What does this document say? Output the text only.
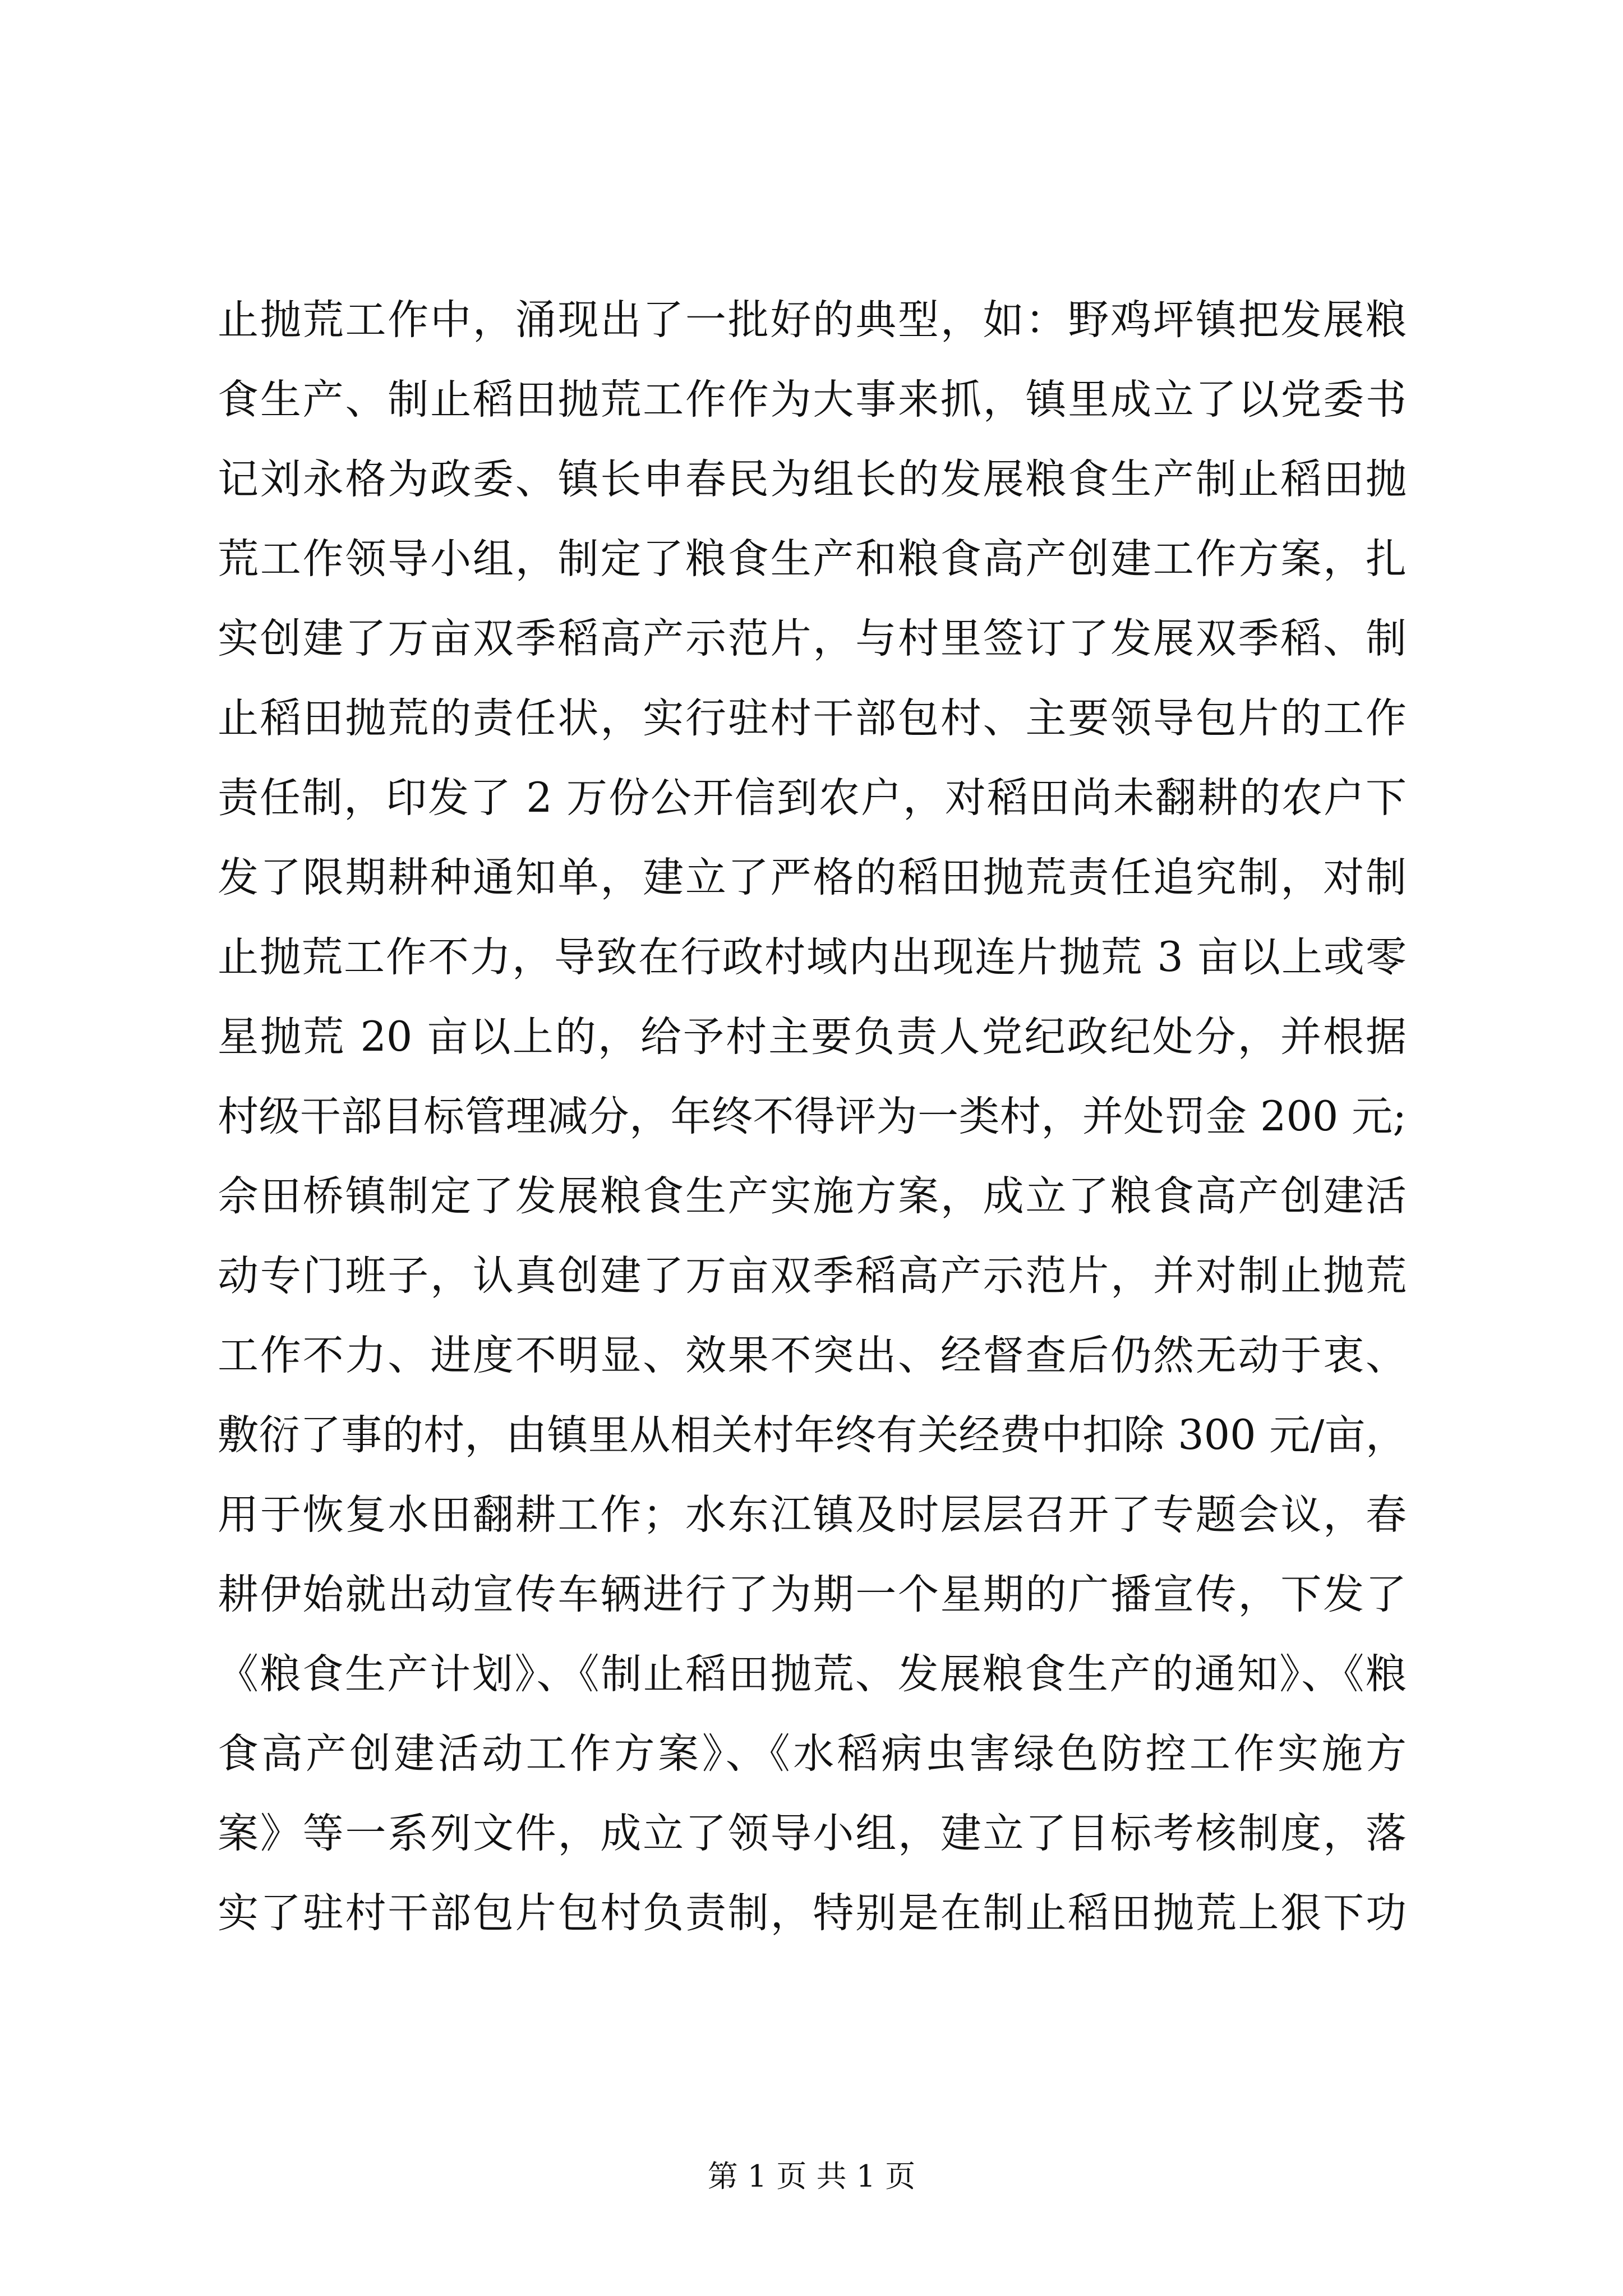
止抛荒工作中，涌现出了一批好的典型，如：野鸡坪镇把发展粮
食生产、制止稻田抛荒工作作为大事来抓，镇里成立了以党委书
记刘永格为政委、镇长申春民为组长的发展粮食生产制止稻田抛
荒工作领导小组，制定了粮食生产和粮食高产创建工作方案，扎
实创建了万亩双季稻高产示范片，与村里签订了发展双季稻、制
止稻田抛荒的责任状，实行驻村干部包村、主要领导包片的工作
责任制，印发了 2 万份公开信到农户，对稻田尚未翻耕的农户下
发了限期耕种通知单，建立了严格的稻田抛荒责任追究制，对制
止抛荒工作不力，导致在行政村域内出现连片抛荒 3 亩以上或零
星抛荒 20 亩以上的，给予村主要负责人党纪政纪处分，并根据
村级干部目标管理减分，年终不得评为一类村，并处罚金 200 元;
佘田桥镇制定了发展粮食生产实施方案，成立了粮食高产创建活
动专门班子，认真创建了万亩双季稻高产示范片，并对制止抛荒
工作不力、进度不明显、效果不突出、经督查后仍然无动于衷、
敷衍了事的村，由镇里从相关村年终有关经费中扣除 300 元/亩，
用于恢复水田翻耕工作；水东江镇及时层层召开了专题会议，春
耕伊始就出动宣传车辆进行了为期一个星期的广播宣传，下发了
《粮食生产计划》、《制止稻田抛荒、发展粮食生产的通知》、《粮
食高产创建活动工作方案》、《水稻病虫害绿色防控工作实施方
案》等一系列文件，成立了领导小组，建立了目标考核制度，落
实了驻村干部包片包村负责制，特别是在制止稻田抛荒上狠下功
第 1 页 共 1 页
